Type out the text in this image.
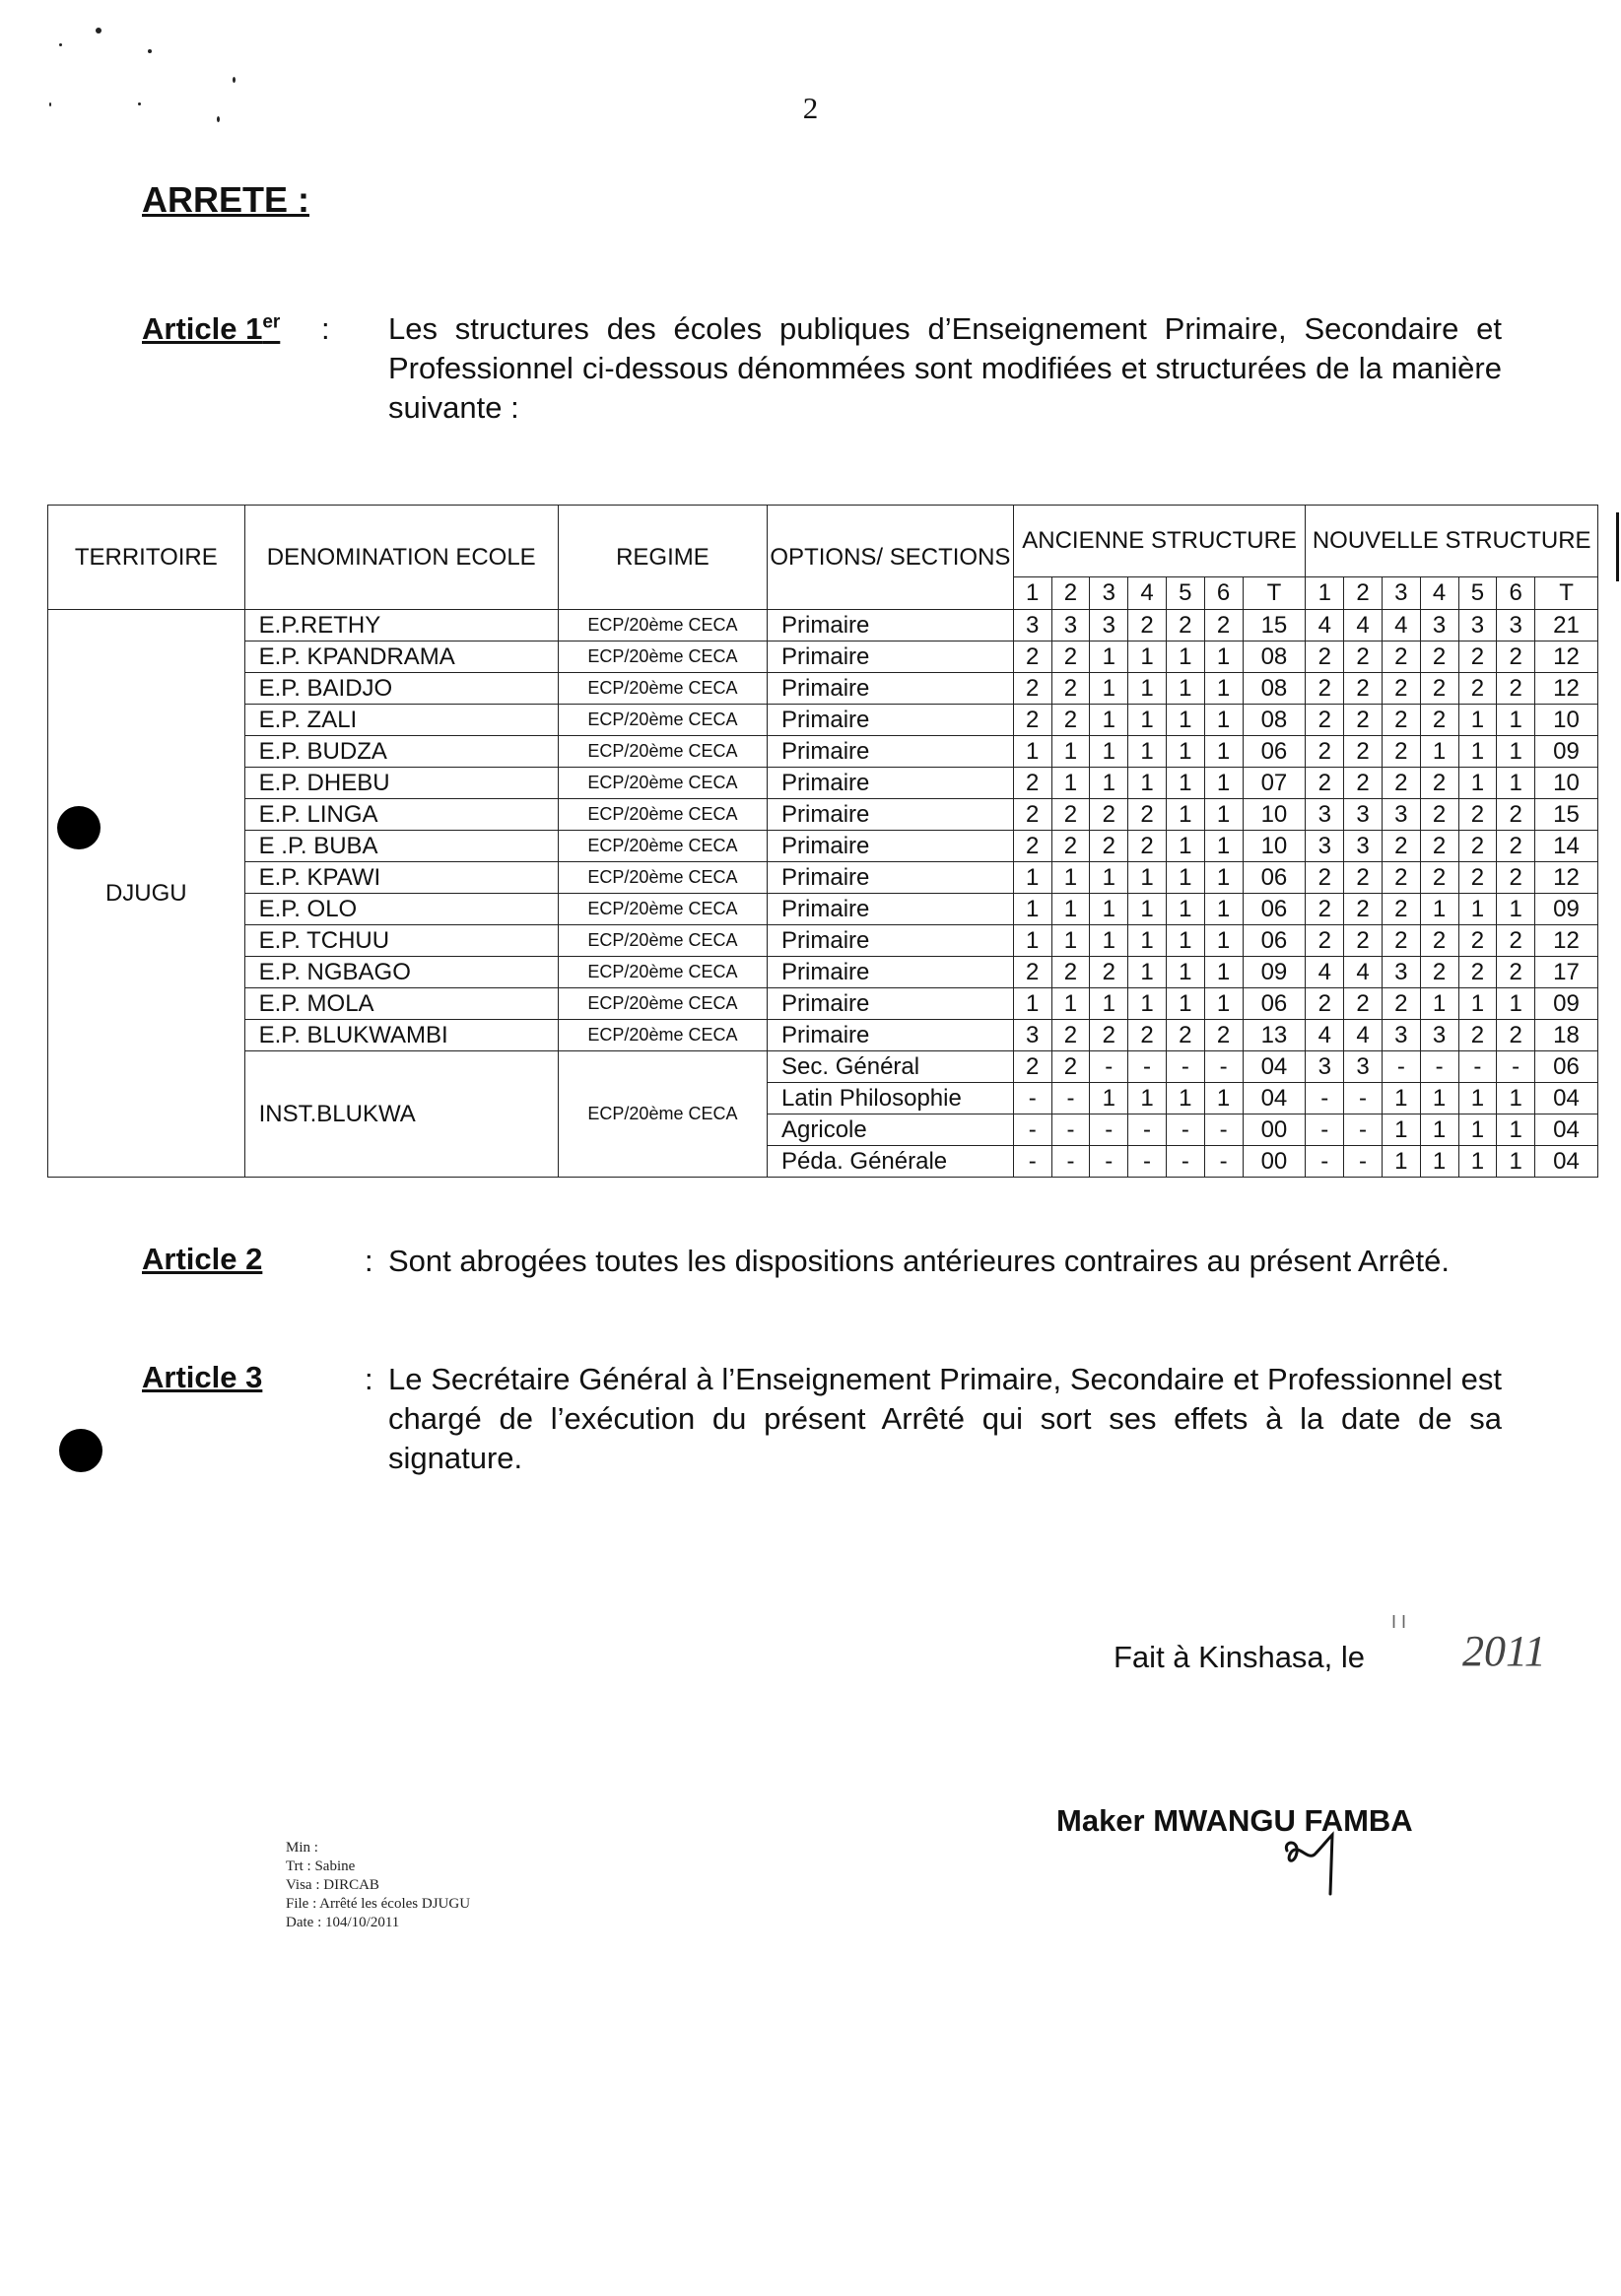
2
ARRETE :
Article 1er : Les structures des écoles publiques d’Enseignement Primaire, Secondaire et Professionnel ci-dessous dénommées sont modifiées et structurées de la manière suivante :
TERRITOIRE	DENOMINATION ECOLE	REGIME	OPTIONS/ SECTIONS	ANCIENNE STRUCTURE							NOUVELLE STRUCTURE						
				1	2	3	4	5	6	T	1	2	3	4	5	6	T
DJUGU	E.P.RETHY	ECP/20ème CECA	Primaire	3	3	3	2	2	2	15	4	4	4	3	3	3	21
	E.P. KPANDRAMA	ECP/20ème CECA	Primaire	2	2	1	1	1	1	08	2	2	2	2	2	2	12
	E.P. BAIDJO	ECP/20ème CECA	Primaire	2	2	1	1	1	1	08	2	2	2	2	2	2	12
	E.P. ZALI	ECP/20ème CECA	Primaire	2	2	1	1	1	1	08	2	2	2	2	1	1	10
	E.P. BUDZA	ECP/20ème CECA	Primaire	1	1	1	1	1	1	06	2	2	2	1	1	1	09
	E.P. DHEBU	ECP/20ème CECA	Primaire	2	1	1	1	1	1	07	2	2	2	2	1	1	10
	E.P. LINGA	ECP/20ème CECA	Primaire	2	2	2	2	1	1	10	3	3	3	2	2	2	15
	E .P. BUBA	ECP/20ème CECA	Primaire	2	2	2	2	1	1	10	3	3	2	2	2	2	14
	E.P. KPAWI	ECP/20ème CECA	Primaire	1	1	1	1	1	1	06	2	2	2	2	2	2	12
	E.P. OLO	ECP/20ème CECA	Primaire	1	1	1	1	1	1	06	2	2	2	1	1	1	09
	E.P. TCHUU	ECP/20ème CECA	Primaire	1	1	1	1	1	1	06	2	2	2	2	2	2	12
	E.P. NGBAGO	ECP/20ème CECA	Primaire	2	2	2	1	1	1	09	4	4	3	2	2	2	17
	E.P. MOLA	ECP/20ème CECA	Primaire	1	1	1	1	1	1	06	2	2	2	1	1	1	09
	E.P. BLUKWAMBI	ECP/20ème CECA	Primaire	3	2	2	2	2	2	13	4	4	3	3	2	2	18
	INST.BLUKWA	ECP/20ème CECA	Sec. Général	2	2	-	-	-	-	04	3	3	-	-	-	-	06
			Latin Philosophie	-	-	1	1	1	1	04	-	-	1	1	1	1	04
			Agricole	-	-	-	-	-	-	00	-	-	1	1	1	1	04
			Péda. Générale	-	-	-	-	-	-	00	-	-	1	1	1	1	04
Article 2	: Sont abrogées toutes les dispositions antérieures contraires au présent Arrêté.
Article 3	: Le Secrétaire Général à l’Enseignement Primaire, Secondaire et Professionnel est chargé de l’exécution du présent Arrêté qui sort ses effets à la date de sa signature.
Fait à Kinshasa, le
I I
2011
Maker MWANGU FAMBA
Min :
Trt : Sabine
Visa : DIRCAB
File : Arrêté les écoles DJUGU
Date : 104/10/2011
